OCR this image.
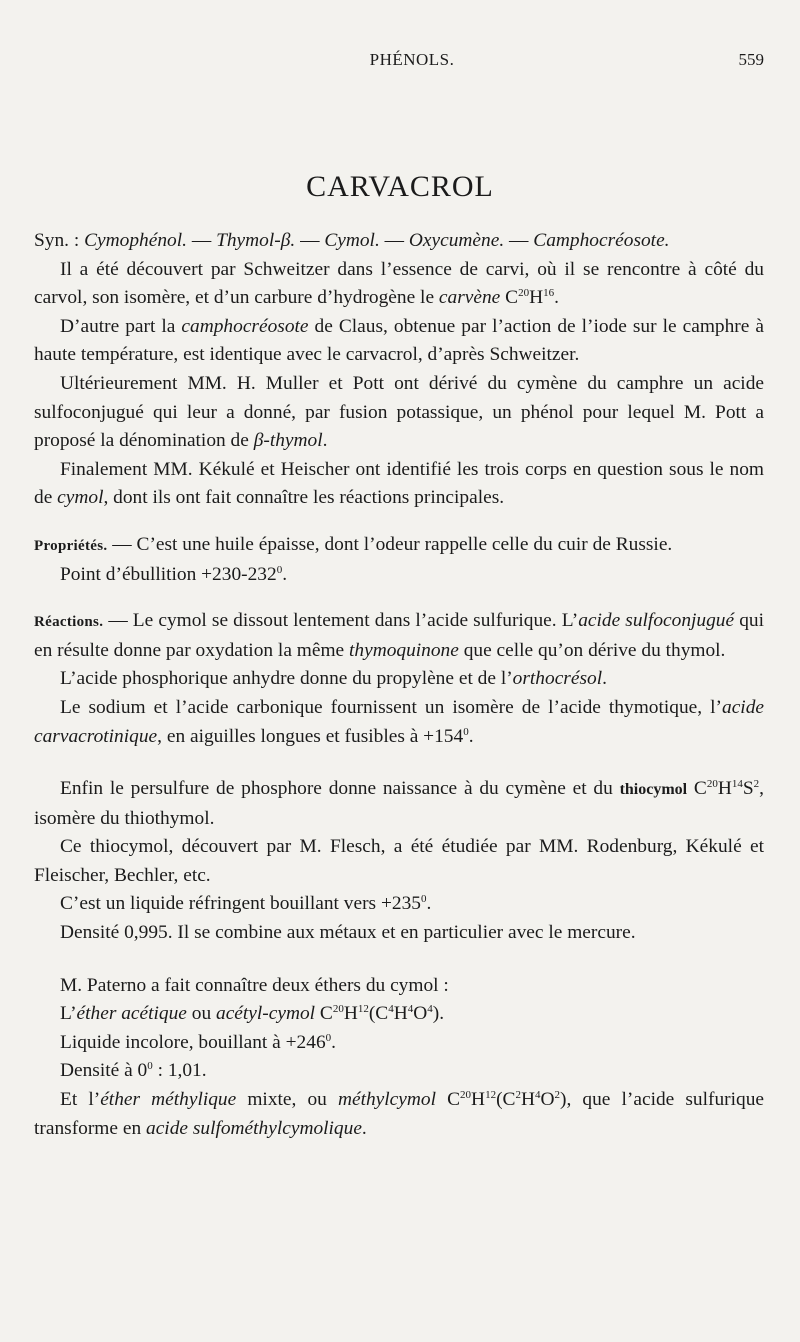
PHÉNOLS.	559
CARVACROL

Syn. : Cymophénol. — Thymol-β. — Cymol. — Oxycumène. — Camphocréosote.

Il a été découvert par Schweitzer dans l’essence de carvi, où il se rencontre à côté du carvol, son isomère, et d’un carbure d’hydrogène le carvène $C^{20}H^{16}$.

D’autre part la camphocréosote de Claus, obtenue par l’action de l’iode sur le camphre à haute température, est identique avec le carvacrol, d’après Schweitzer.

Ultérieurement MM. H. Muller et Pott ont dérivé du cymène du camphre un acide sulfoconjugué qui leur a donné, par fusion potassique, un phénol pour lequel M. Pott a proposé la dénomination de β-thymol.

Finalement MM. Kékulé et Heischer ont identifié les trois corps en question sous le nom de cymol, dont ils ont fait connaître les réactions principales.

Propriétés. — C’est une huile épaisse, dont l’odeur rappelle celle du cuir de Russie.

Point d’ébullition $+230-232^0$.

Réactions. — Le cymol se dissout lentement dans l’acide sulfurique. L’acide sulfoconjugué qui en résulte donne par oxydation la même thymoquinone que celle qu’on dérive du thymol.

L’acide phosphorique anhydre donne du propylène et de l’orthocrésol.

Le sodium et l’acide carbonique fournissent un isomère de l’acide thymotique, l’acide carvacrotinique, en aiguilles longues et fusibles à $+154^0$.

Enfin le persulfure de phosphore donne naissance à du cymène et du thiocymol $C^{20}H^{14}S^2$, isomère du thiothymol.

Ce thiocymol, découvert par M. Flesch, a été étudiée par MM. Rodenburg, Kékulé et Fleischer, Bechler, etc.

C’est un liquide réfringent bouillant vers $+235^0$.

Densité 0,995. Il se combine aux métaux et en particulier avec le mercure.

M. Paterno a fait connaître deux éthers du cymol :

L’éther acétique ou acétyl-cymol $C^{20}H^{12}(C^4H^4O^4)$.

Liquide incolore, bouillant à $+246^0$.

Densité à $0^0$ : 1,01.

Et l’éther méthylique mixte, ou méthylcymol $C^{20}H^{12}(C^2H^4O^2)$, que l’acide sulfurique transforme en acide sulfométhylcymolique.
